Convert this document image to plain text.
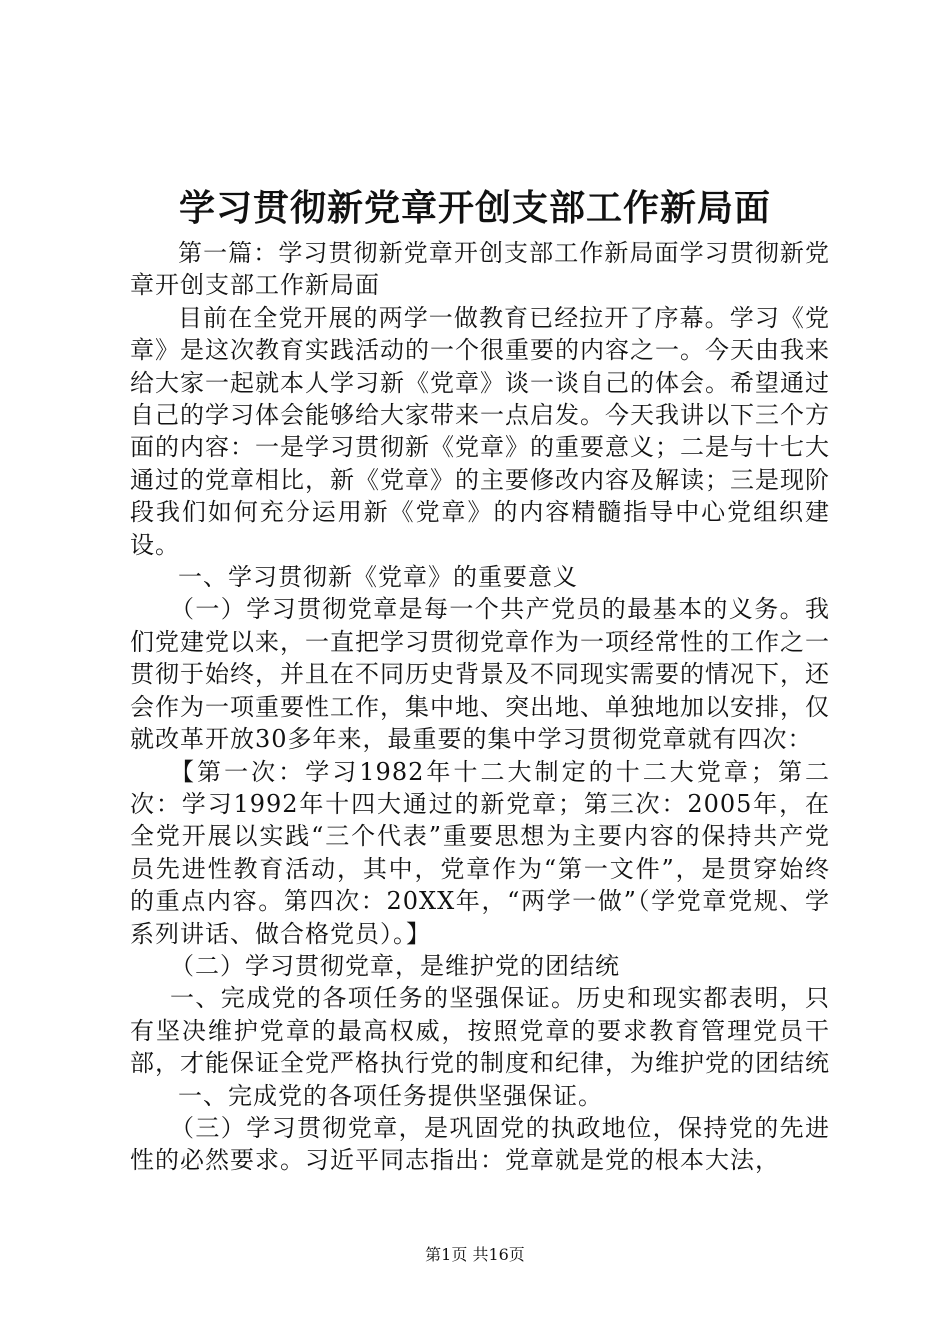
学习贯彻新党章开创支部工作新局面

第一篇：学习贯彻新党章开创支部工作新局面学习贯彻新党章开创支部工作新局面

目前在全党开展的两学一做教育已经拉开了序幕。学习《党章》是这次教育实践活动的一个很重要的内容之一。今天由我来给大家一起就本人学习新《党章》谈一谈自己的体会。希望通过自己的学习体会能够给大家带来一点启发。今天我讲以下三个方面的内容：一是学习贯彻新《党章》的重要意义；二是与十七大通过的党章相比，新《党章》的主要修改内容及解读；三是现阶段我们如何充分运用新《党章》的内容精髓指导中心党组织建设。

一、学习贯彻新《党章》的重要意义

（一）学习贯彻党章是每一个共产党员的最基本的义务。我们党建党以来，一直把学习贯彻党章作为一项经常性的工作之一贯彻于始终，并且在不同历史背景及不同现实需要的情况下，还会作为一项重要性工作，集中地、突出地、单独地加以安排，仅就改革开放30多年来，最重要的集中学习贯彻党章就有四次：

【第一次：学习1982年十二大制定的十二大党章；第二次：学习1992年十四大通过的新党章；第三次：2005年，在全党开展以实践“三个代表”重要思想为主要内容的保持共产党员先进性教育活动，其中，党章作为“第一文件”，是贯穿始终的重点内容。第四次：20XX年，“两学一做”（学党章党规、学系列讲话、做合格党员）。】

（二）学习贯彻党章，是维护党的团结统

一、完成党的各项任务的坚强保证。历史和现实都表明，只有坚决维护党章的最高权威，按照党章的要求教育管理党员干部，才能保证全党严格执行党的制度和纪律，为维护党的团结统

一、完成党的各项任务提供坚强保证。

（三）学习贯彻党章，是巩固党的执政地位，保持党的先进性的必然要求。习近平同志指出：党章就是党的根本大法，

第1页 共16页
